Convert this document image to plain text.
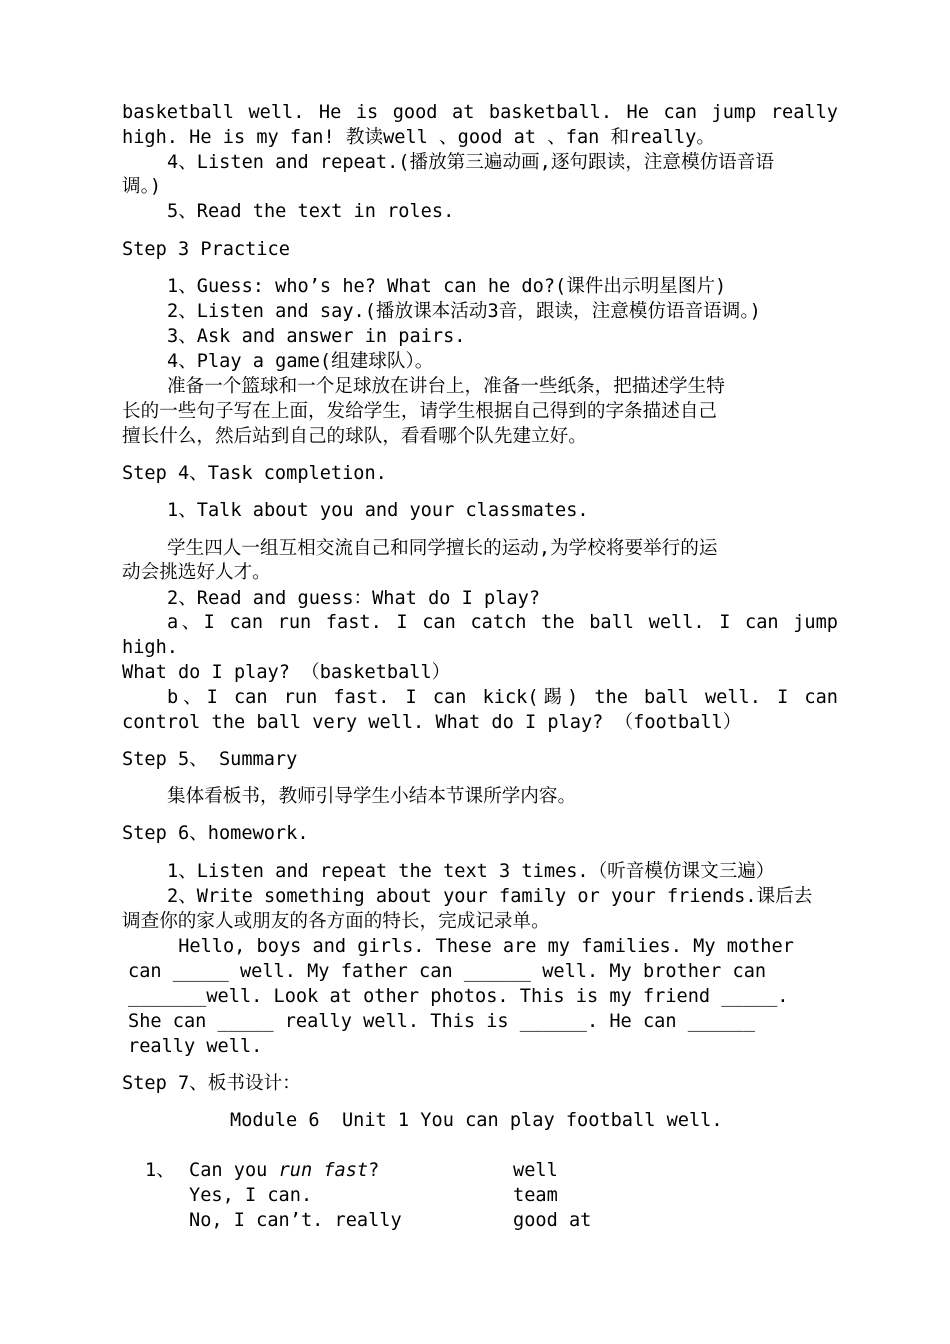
basketball well. He is good at basketball. He can jump really
high. He is my fan! 教读well 、good at 、fan 和really。
4、Listen and repeat.(播放第三遍动画,逐句跟读，注意模仿语音语
调。)
5、Read the text in roles.
Step 3 Practice
1、Guess: who’s he? What can he do?(课件出示明星图片)
2、Listen and say.(播放课本活动3音，跟读，注意模仿语音语调。)
3、Ask and answer in pairs.
4、Play a game(组建球队）。
准备一个篮球和一个足球放在讲台上，准备一些纸条，把描述学生特
长的一些句子写在上面，发给学生，请学生根据自己得到的字条描述自己
擅长什么，然后站到自己的球队，看看哪个队先建立好。
Step 4、Task completion.
1、Talk about you and your classmates.
学生四人一组互相交流自己和同学擅长的运动,为学校将要举行的运
动会挑选好人才。
2、Read and guess：What do I play?
a、I can run fast. I can catch the ball well. I can jump
high.
What do I play? （basketball）
b、I can run fast. I can kick(踢) the ball well. I can
control the ball very well. What do I play? （football）
Step 5、 Summary
集体看板书，教师引导学生小结本节课所学内容。
Step 6、homework.
1、Listen and repeat the text 3 times.（听音模仿课文三遍）
2、Write something about your family or your friends.课后去
调查你的家人或朋友的各方面的特长，完成记录单。
Hello, boys and girls. These are my families. My mother
can _____ well. My father can ______ well. My brother can
_______well. Look at other photos. This is my friend _____.
She can _____ really well. This is ______. He can ______
really well.
Step 7、板书设计：
Module 6  Unit 1 You can play football well.
1、 Can you run fast?
Yes, I can.
No, I can’t. really
well
team
good at
